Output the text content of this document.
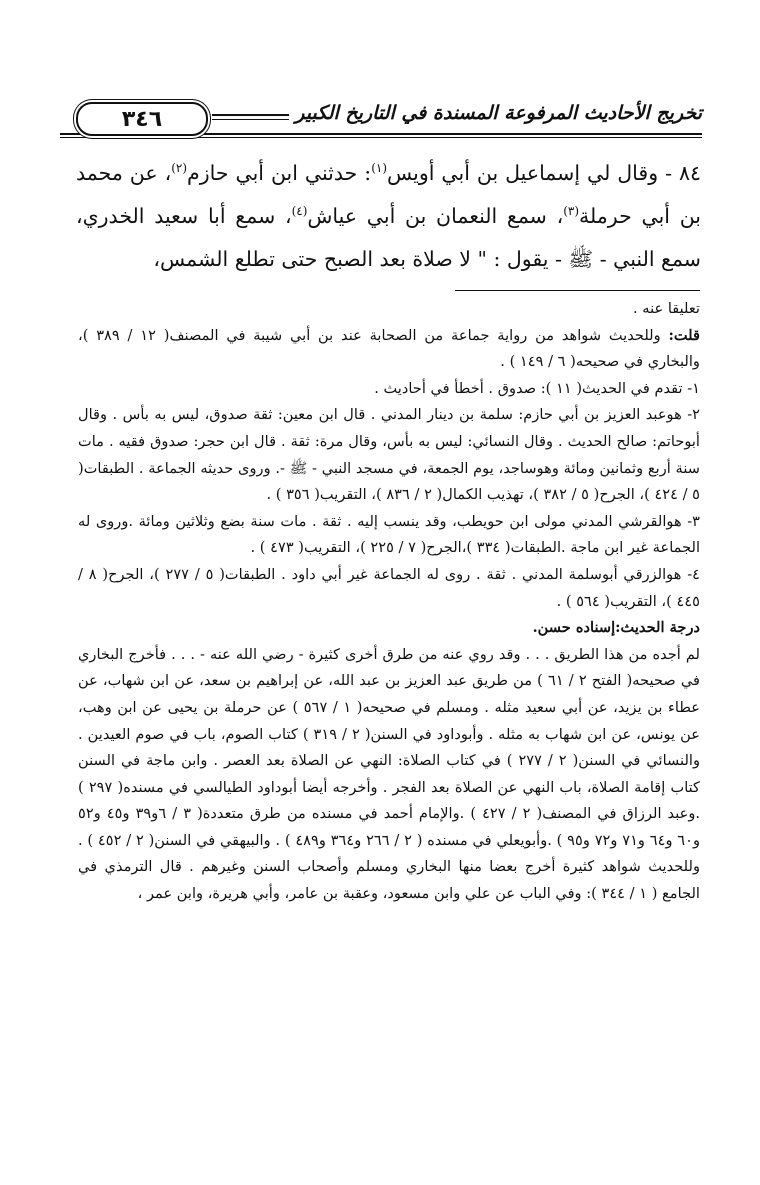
٣٤٦	تخريج الأحاديث المرفوعة المسندة في التاريخ الكبير

٨٤ - وقال لي إسماعيل بن أبي أويس$^{(١)}$: حدثني ابن أبي حازم$^{(٢)}$، عن محمد بن أبي حرملة$^{(٣)}$، سمع النعمان بن أبي عياش$^{(٤)}$، سمع أبا سعيد الخدري، سمع النبي - ﷺ - يقول : " لا صلاة بعد الصبح حتى تطلع الشمس،

تعليقا عنه .

قلت: وللحديث شواهد من رواية جماعة من الصحابة عند بن أبي شيبة في المصنف( ١٢ / ٣٨٩ )، والبخاري في صحيحه( ٦ / ١٤٩ ) .

١- تقدم في الحديث( ١١ ): صدوق . أخطأ في أحاديث .

٢- هوعبد العزيز بن أبي حازم: سلمة بن دينار المدني . قال ابن معين: ثقة صدوق، ليس به بأس . وقال أبوحاتم: صالح الحديث . وقال النسائي: ليس به بأس، وقال مرة: ثقة . قال ابن حجر: صدوق فقيه . مات سنة أربع وثمانين ومائة وهوساجد، يوم الجمعة، في مسجد النبي - ﷺ -. وروى حديثه الجماعة . الطبقات( ٥ / ٤٢٤ )، الجرح( ٥ / ٣٨٢ )، تهذيب الكمال( ٢ / ٨٣٦ )، التقريب( ٣٥٦ ) .

٣- هوالقرشي المدني مولى ابن حويطب، وقد ينسب إليه . ثقة . مات سنة بضع وثلاثين ومائة .وروى له الجماعة غير ابن ماجة .الطبقات( ٣٣٤ )،الجرح( ٧ / ٢٢٥ )، التقريب( ٤٧٣ ) .

٤- هوالزرقي أبوسلمة المدني . ثقة . روى له الجماعة غير أبي داود . الطبقات( ٥ / ٢٧٧ )، الجرح( ٨ / ٤٤٥ )، التقريب( ٥٦٤ ) .

درجة الحديث:إسناده حسن.

لم أجده من هذا الطريق . . . وقد روي عنه من طرق أخرى كثيرة - رضي الله عنه - . . . فأخرج البخاري في صحيحه( الفتح ٢ / ٦١ ) من طريق عبد العزيز بن عبد الله، عن إبراهيم بن سعد، عن ابن شهاب، عن عطاء بن يزيد، عن أبي سعيد مثله . ومسلم في صحيحه( ١ / ٥٦٧ ) عن حرملة بن يحيى عن ابن وهب، عن يونس، عن ابن شهاب به مثله . وأبوداود في السنن( ٢ / ٣١٩ ) كتاب الصوم، باب في صوم العيدين . والنسائي في السنن( ٢ / ٢٧٧ ) في كتاب الصلاة: النهي عن الصلاة بعد العصر . وابن ماجة في السنن كتاب إقامة الصلاة، باب النهي عن الصلاة بعد الفجر . وأخرجه أيضا أبوداود الطيالسي في مسنده( ٢٩٧ ) .وعبد الرزاق في المصنف( ٢ / ٤٢٧ ) .والإمام أحمد في مسنده من طرق متعددة( ٣ / ٦و٣٩ و٤٥ و٥٢ و٦٠ و٦٤ و٧١ و٧٢ و٩٥ ) .وأبويعلي في مسنده ( ٢ / ٢٦٦ و٣٦٤ و٤٨٩ ) . والبيهقي في السنن( ٢ / ٤٥٢ ) . وللحديث شواهد كثيرة أخرج بعضا منها البخاري ومسلم وأصحاب السنن وغيرهم . قال الترمذي في الجامع ( ١ / ٣٤٤ ): وفي الباب عن علي وابن مسعود، وعقبة بن عامر، وأبي هريرة، وابن عمر ،
